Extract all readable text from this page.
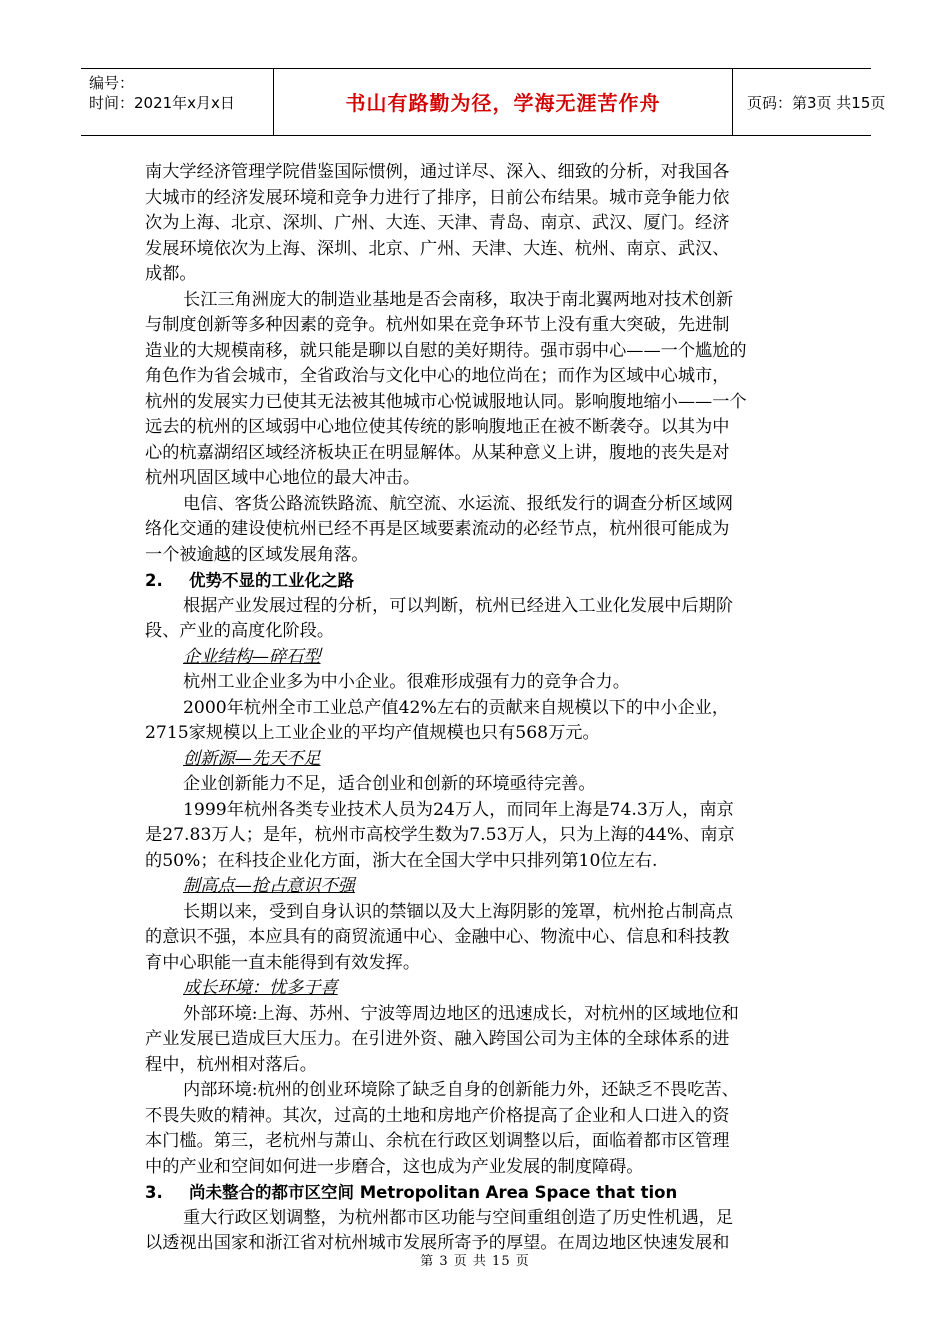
编号：
时间：2021年x月x日	书山有路勤为径，学海无涯苦作舟	页码：第3页 共15页
南大学经济管理学院借鉴国际惯例，通过详尽、深入、细致的分析，对我国各
大城市的经济发展环境和竞争力进行了排序，日前公布结果。城市竞争能力依
次为上海、北京、深圳、广州、大连、天津、青岛、南京、武汉、厦门。经济
发展环境依次为上海、深圳、北京、广州、天津、大连、杭州、南京、武汉、
成都。
长江三角洲庞大的制造业基地是否会南移，取决于南北翼两地对技术创新
与制度创新等多种因素的竞争。杭州如果在竞争环节上没有重大突破，先进制
造业的大规模南移，就只能是聊以自慰的美好期待。强市弱中心——一个尴尬的
角色作为省会城市，全省政治与文化中心的地位尚在；而作为区域中心城市，
杭州的发展实力已使其无法被其他城市心悦诚服地认同。影响腹地缩小——一个
远去的杭州的区域弱中心地位使其传统的影响腹地正在被不断袭夺。以其为中
心的杭嘉湖绍区域经济板块正在明显解体。从某种意义上讲，腹地的丧失是对
杭州巩固区域中心地位的最大冲击。
电信、客货公路流铁路流、航空流、水运流、报纸发行的调查分析区域网
络化交通的建设使杭州已经不再是区域要素流动的必经节点，杭州很可能成为
一个被逾越的区域发展角落。
2. 优势不显的工业化之路
根据产业发展过程的分析，可以判断，杭州已经进入工业化发展中后期阶
段、产业的高度化阶段。
企业结构—碎石型
杭州工业企业多为中小企业。很难形成强有力的竞争合力。
2000年杭州全市工业总产值42%左右的贡献来自规模以下的中小企业，
2715家规模以上工业企业的平均产值规模也只有568万元。
创新源—先天不足
企业创新能力不足，适合创业和创新的环境亟待完善。
1999年杭州各类专业技术人员为24万人，而同年上海是74.3万人，南京
是27.83万人；是年，杭州市高校学生数为7.53万人，只为上海的44%、南京
的50%；在科技企业化方面，浙大在全国大学中只排列第10位左右.
制高点—抢占意识不强
长期以来，受到自身认识的禁锢以及大上海阴影的笼罩，杭州抢占制高点
的意识不强，本应具有的商贸流通中心、金融中心、物流中心、信息和科技教
育中心职能一直未能得到有效发挥。
成长环境：忧多于喜
外部环境:上海、苏州、宁波等周边地区的迅速成长，对杭州的区域地位和
产业发展已造成巨大压力。在引进外资、融入跨国公司为主体的全球体系的进
程中，杭州相对落后。
内部环境:杭州的创业环境除了缺乏自身的创新能力外，还缺乏不畏吃苦、
不畏失败的精神。其次，过高的土地和房地产价格提高了企业和人口进入的资
本门槛。第三，老杭州与萧山、余杭在行政区划调整以后，面临着都市区管理
中的产业和空间如何进一步磨合，这也成为产业发展的制度障碍。
3. 尚未整合的都市区空间 Metropolitan Area Space that tion
重大行政区划调整，为杭州都市区功能与空间重组创造了历史性机遇，足
以透视出国家和浙江省对杭州城市发展所寄予的厚望。在周边地区快速发展和
第 3 页 共 15 页
